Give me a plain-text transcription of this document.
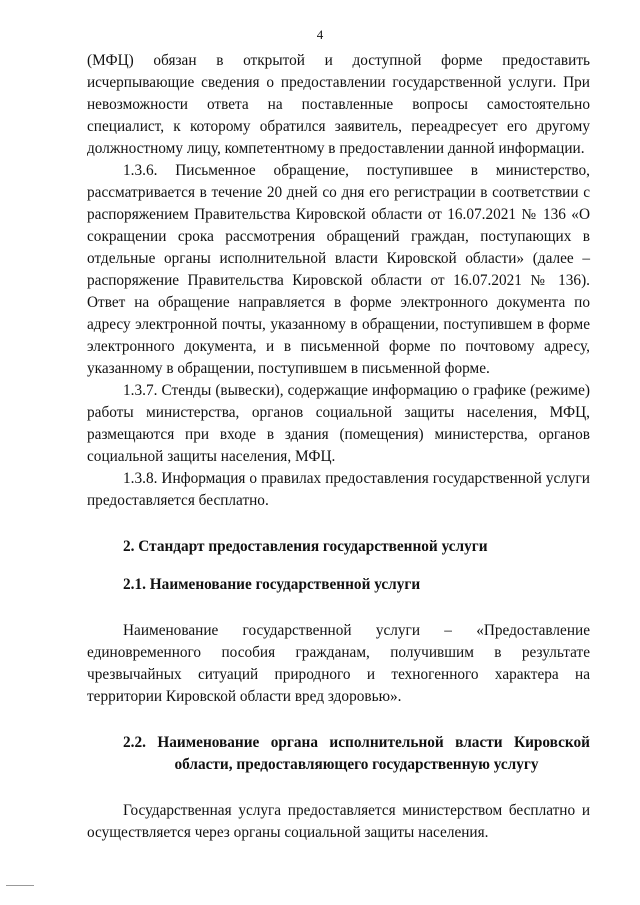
4

(МФЦ) обязан в открытой и доступной форме предоставить исчерпывающие сведения о предоставлении государственной услуги. При невозможности ответа на поставленные вопросы самостоятельно специалист, к которому обратился заявитель, переадресует его другому должностному лицу, компетентному в предоставлении данной информации.

1.3.6. Письменное обращение, поступившее в министерство, рассматривается в течение 20 дней со дня его регистрации в соответствии с распоряжением Правительства Кировской области от 16.07.2021 № 136 «О сокращении срока рассмотрения обращений граждан, поступающих в отдельные органы исполнительной власти Кировской области» (далее – распоряжение Правительства Кировской области от 16.07.2021 № 136). Ответ на обращение направляется в форме электронного документа по адресу электронной почты, указанному в обращении, поступившем в форме электронного документа, и в письменной форме по почтовому адресу, указанному в обращении, поступившем в письменной форме.

1.3.7. Стенды (вывески), содержащие информацию о графике (режиме) работы министерства, органов социальной защиты населения, МФЦ, размещаются при входе в здания (помещения) министерства, органов социальной защиты населения, МФЦ.

1.3.8. Информация о правилах предоставления государственной услуги предоставляется бесплатно.

2. Стандарт предоставления государственной услуги

2.1. Наименование государственной услуги

Наименование государственной услуги – «Предоставление единовременного пособия гражданам, получившим в результате чрезвычайных ситуаций природного и техногенного характера на территории Кировской области вред здоровью».

2.2. Наименование органа исполнительной власти Кировской
области, предоставляющего государственную услугу

Государственная услуга предоставляется министерством бесплатно и осуществляется через органы социальной защиты населения.
